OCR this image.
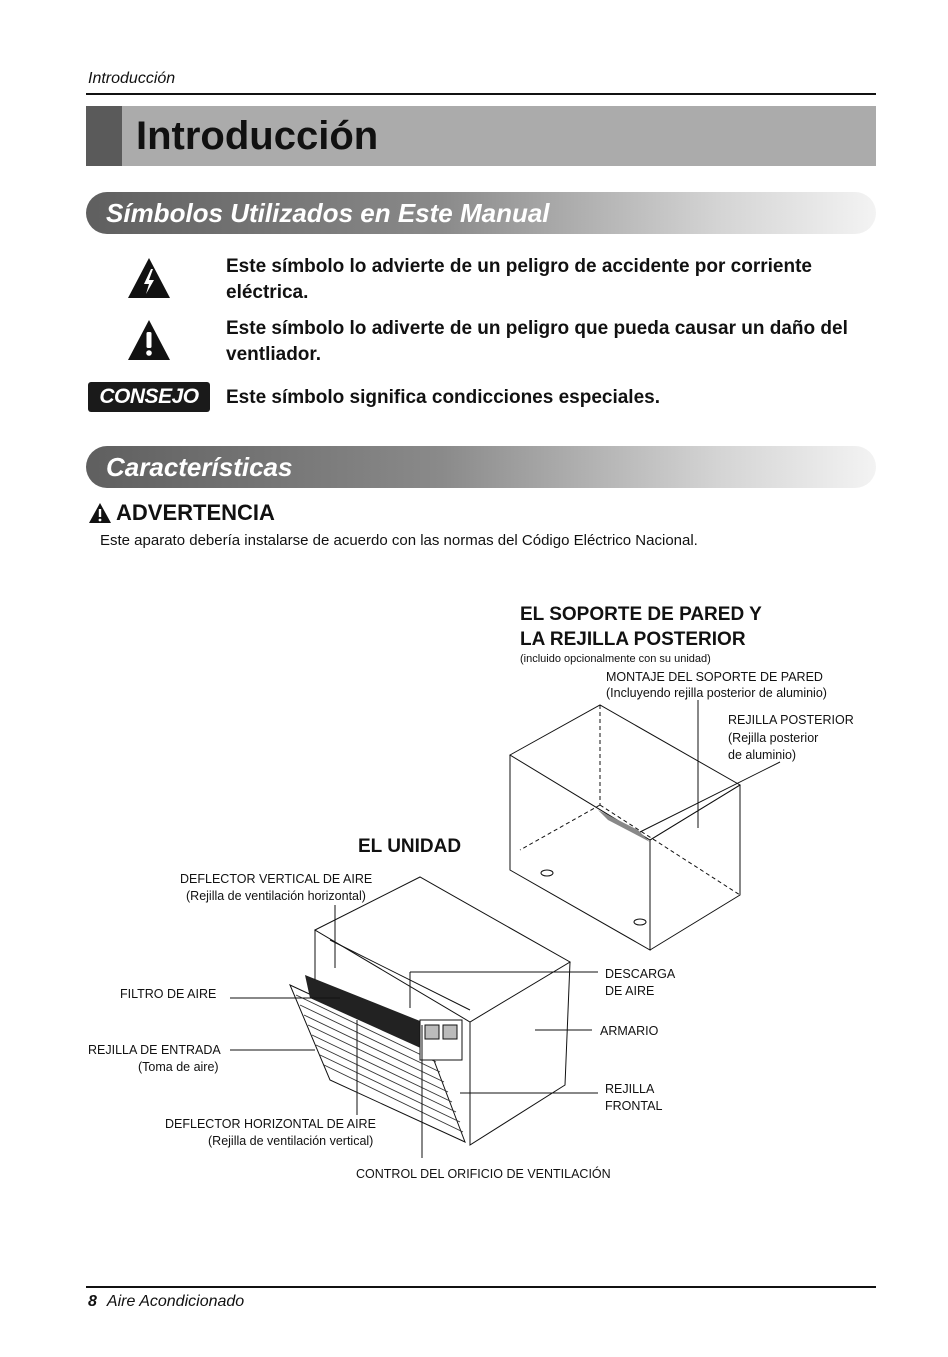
Introducción
Introducción
Símbolos Utilizados en Este Manual
Este símbolo lo advierte de un peligro de accidente por corriente eléctrica.
Este símbolo lo adiverte de un peligro que pueda causar un daño del ventliador.
CONSEJO	Este símbolo significa condicciones especiales.
Características
ADVERTENCIA
Este aparato debería instalarse de acuerdo con las normas del Código Eléctrico Nacional.
EL SOPORTE DE PARED Y
LA REJILLA POSTERIOR
(incluido opcionalmente con su unidad)
MONTAJE DEL SOPORTE DE PARED
(Incluyendo rejilla posterior de aluminio)
REJILLA POSTERIOR
(Rejilla posterior
de aluminio)
EL UNIDAD
DEFLECTOR VERTICAL DE AIRE
(Rejilla de ventilación horizontal)
FILTRO DE AIRE
REJILLA DE ENTRADA
(Toma de aire)
DEFLECTOR HORIZONTAL DE AIRE
(Rejilla de ventilación vertical)
CONTROL DEL ORIFICIO DE VENTILACIÓN
DESCARGA
DE AIRE
ARMARIO
REJILLA
FRONTAL
8 Aire Acondicionado
